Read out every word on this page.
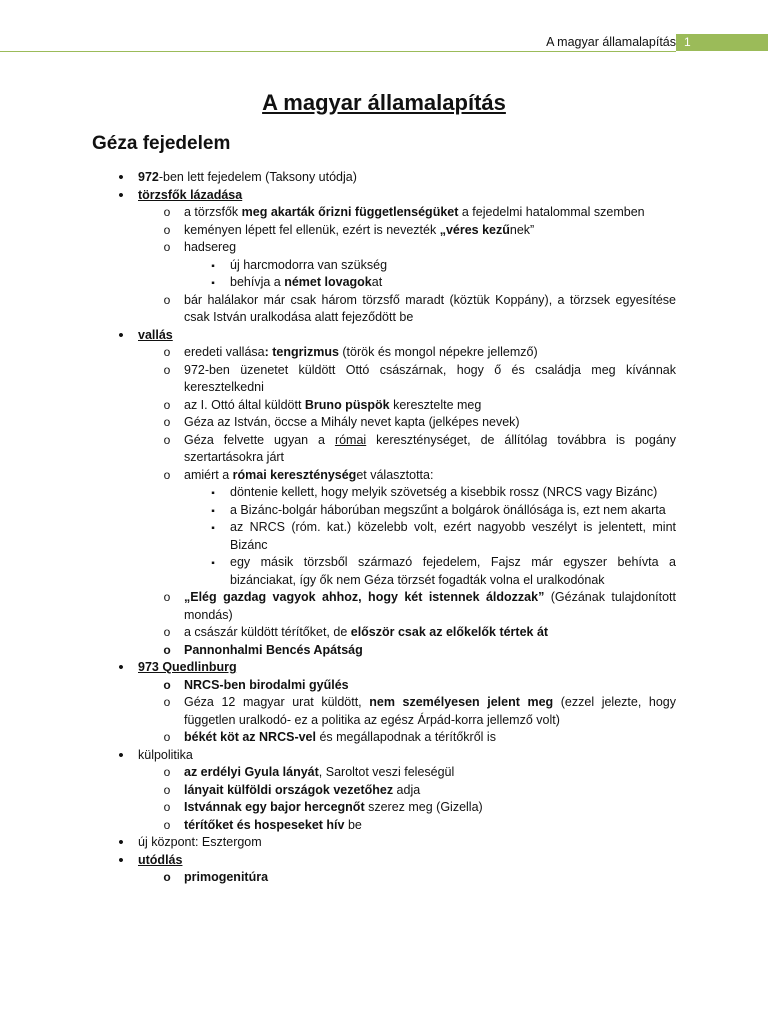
A magyar államalapítás 1
A magyar államalapítás
Géza fejedelem
•
972-ben lett fejedelem (Taksony utódja)
•
törzsfők lázadása
o
a törzsfők meg akarták őrizni függetlenségüket a fejedelmi hatalommal szemben
o
keményen lépett fel ellenük, ezért is nevezték „véres kezűnek”
o
hadsereg
▪
új harcmodorra van szükség
▪
behívja a német lovagokat
o
bár halálakor már csak három törzsfő maradt (köztük Koppány), a törzsek egyesítése csak István uralkodása alatt fejeződött be
•
vallás
o
eredeti vallása: tengrizmus (török és mongol népekre jellemző)
o
972-ben üzenetet küldött Ottó császárnak, hogy ő és családja meg kívánnak keresztelkedni
o
az I. Ottó által küldött Bruno püspök keresztelte meg
o
Géza az István, öccse a Mihály nevet kapta (jelképes nevek)
o
Géza felvette ugyan a római kereszténységet, de állítólag továbbra is pogány szertartásokra járt
o
amiért a római kereszténységet választotta:
▪
döntenie kellett, hogy melyik szövetség a kisebbik rossz (NRCS vagy Bizánc)
▪
a Bizánc-bolgár háborúban megszűnt a bolgárok önállósága is, ezt nem akarta
▪
az NRCS (róm. kat.) közelebb volt, ezért nagyobb veszélyt is jelentett, mint Bizánc
▪
egy másik törzsből származó fejedelem, Fajsz már egyszer behívta a bizánciakat, így ők nem Géza törzsét fogadták volna el uralkodónak
o
„Elég gazdag vagyok ahhoz, hogy két istennek áldozzak” (Gézának tulajdonított mondás)
o
a császár küldött térítőket, de először csak az előkelők tértek át
o
Pannonhalmi Bencés Apátság
•
973 Quedlinburg
o
NRCS-ben birodalmi gyűlés
o
Géza 12 magyar urat küldött, nem személyesen jelent meg (ezzel jelezte, hogy független uralkodó- ez a politika az egész Árpád-korra jellemző volt)
o
békét köt az NRCS-vel és megállapodnak a térítőkről is
•
külpolitika
o
az erdélyi Gyula lányát, Saroltot veszi feleségül
o
lányait külföldi országok vezetőhez adja
o
Istvánnak egy bajor hercegnőt szerez meg (Gizella)
o
térítőket és hospeseket hív be
•
új központ: Esztergom
•
utódlás
o
primogenitúra
